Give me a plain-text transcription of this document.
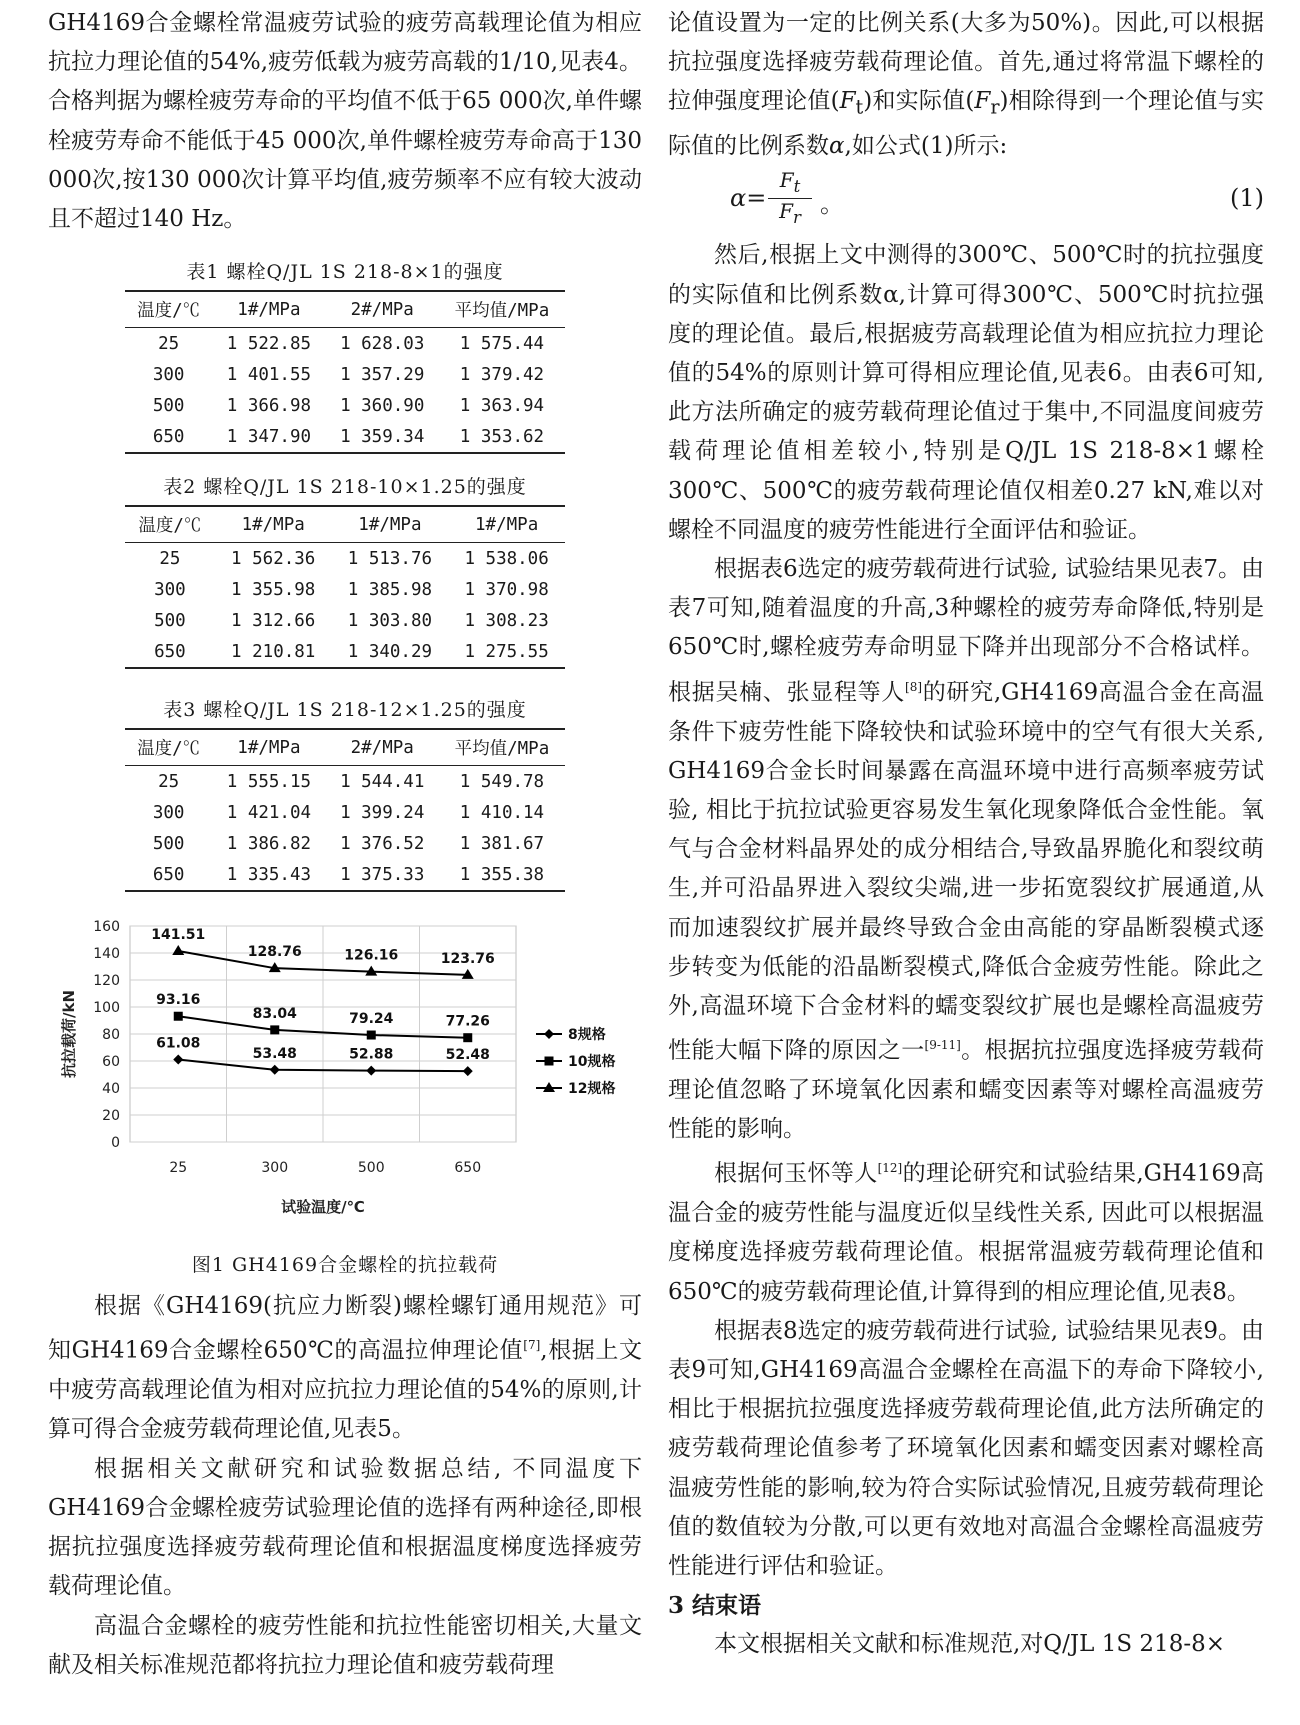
GH4169合金螺栓常温疲劳试验的疲劳高载理论值为相应抗拉力理论值的54%,疲劳低载为疲劳高载的1/10,见表4。合格判据为螺栓疲劳寿命的平均值不低于65 000次,单件螺栓疲劳寿命不能低于45 000次,单件螺栓疲劳寿命高于130 000次,按130 000次计算平均值,疲劳频率不应有较大波动且不超过140 Hz。

表1 螺栓Q/JL 1S 218-8×1的强度
温度/℃	1#/MPa	2#/MPa	平均值/MPa
25	1 522.85	1 628.03	1 575.44
300	1 401.55	1 357.29	1 379.42
500	1 366.98	1 360.90	1 363.94
650	1 347.90	1 359.34	1 353.62
表2 螺栓Q/JL 1S 218-10×1.25的强度
温度/℃	1#/MPa	1#/MPa	1#/MPa
25	1 562.36	1 513.76	1 538.06
300	1 355.98	1 385.98	1 370.98
500	1 312.66	1 303.80	1 308.23
650	1 210.81	1 340.29	1 275.55
表3 螺栓Q/JL 1S 218-12×1.25的强度
温度/℃	1#/MPa	2#/MPa	平均值/MPa
25	1 555.15	1 544.41	1 549.78
300	1 421.04	1 399.24	1 410.14
500	1 386.82	1 376.52	1 381.67
650	1 335.43	1 375.33	1 355.38
0
20
40
60
80
100
120
140
160
25	300	500	650
试验温度/℃
抗拉载荷/kN	61.08
53.48	52.88	52.48
93.16
83.04	79.24	77.26
141.51
128.76	126.16	123.76
8规格
10规格
12规格
图1 GH4169合金螺栓的抗拉载荷

根据《GH4169(抗应力断裂)螺栓螺钉通用规范》可知GH4169合金螺栓650℃的高温拉伸理论值[7],根据上文中疲劳高载理论值为相对应抗拉力理论值的54%的原则,计算可得合金疲劳载荷理论值,见表5。

根据相关文献研究和试验数据总结, 不同温度下GH4169合金螺栓疲劳试验理论值的选择有两种途径,即根据抗拉强度选择疲劳载荷理论值和根据温度梯度选择疲劳载荷理论值。

高温合金螺栓的疲劳性能和抗拉性能密切相关,大量文献及相关标准规范都将抗拉力理论值和疲劳载荷理

论值设置为一定的比例关系(大多为50%)。因此,可以根据抗拉强度选择疲劳载荷理论值。首先,通过将常温下螺栓的拉伸强度理论值$(F_t)$和实际值$(F_r)$相除得到一个理论值与实际值的比例系数α,如公式(1)所示:

$\alpha= \frac{F_t}{F_r}$ 。	(1)

然后,根据上文中测得的300℃、500℃时的抗拉强度的实际值和比例系数α,计算可得300℃、500℃时抗拉强度的理论值。最后,根据疲劳高载理论值为相应抗拉力理论值的54%的原则计算可得相应理论值,见表6。由表6可知,此方法所确定的疲劳载荷理论值过于集中,不同温度间疲劳载荷理论值相差较小,特别是Q/JL 1S 218-8×1螺栓300℃、500℃的疲劳载荷理论值仅相差0.27 kN,难以对螺栓不同温度的疲劳性能进行全面评估和验证。

根据表6选定的疲劳载荷进行试验, 试验结果见表7。由表7可知,随着温度的升高,3种螺栓的疲劳寿命降低,特别是650℃时,螺栓疲劳寿命明显下降并出现部分不合格试样。根据吴楠、张显程等人[8]的研究,GH4169高温合金在高温条件下疲劳性能下降较快和试验环境中的空气有很大关系, GH4169合金长时间暴露在高温环境中进行高频率疲劳试验, 相比于抗拉试验更容易发生氧化现象降低合金性能。氧气与合金材料晶界处的成分相结合,导致晶界脆化和裂纹萌生,并可沿晶界进入裂纹尖端,进一步拓宽裂纹扩展通道,从而加速裂纹扩展并最终导致合金由高能的穿晶断裂模式逐步转变为低能的沿晶断裂模式,降低合金疲劳性能。除此之外,高温环境下合金材料的蠕变裂纹扩展也是螺栓高温疲劳性能大幅下降的原因之一[9-11]。根据抗拉强度选择疲劳载荷理论值忽略了环境氧化因素和蠕变因素等对螺栓高温疲劳性能的影响。

根据何玉怀等人[12]的理论研究和试验结果,GH4169高温合金的疲劳性能与温度近似呈线性关系, 因此可以根据温度梯度选择疲劳载荷理论值。根据常温疲劳载荷理论值和650℃的疲劳载荷理论值,计算得到的相应理论值,见表8。

根据表8选定的疲劳载荷进行试验, 试验结果见表9。由表9可知,GH4169高温合金螺栓在高温下的寿命下降较小,相比于根据抗拉强度选择疲劳载荷理论值,此方法所确定的疲劳载荷理论值参考了环境氧化因素和蠕变因素对螺栓高温疲劳性能的影响,较为符合实际试验情况,且疲劳载荷理论值的数值较为分散,可以更有效地对高温合金螺栓高温疲劳性能进行评估和验证。

3 结束语

本文根据相关文献和标准规范,对Q/JL 1S 218-8×
